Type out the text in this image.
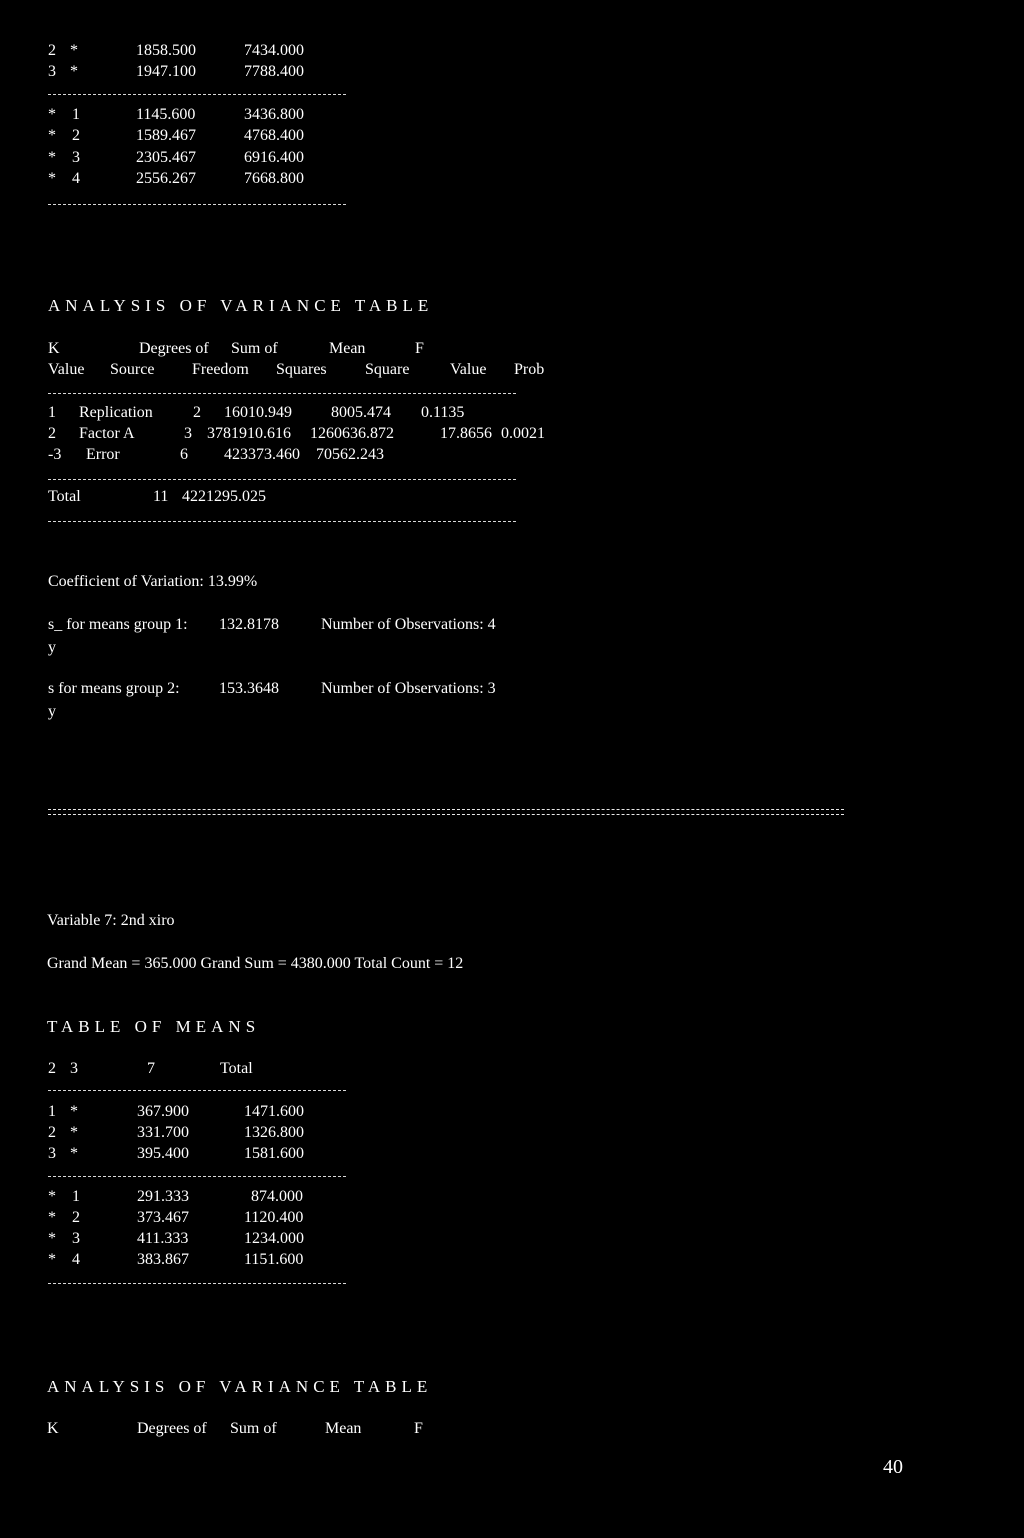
2 *	1858.500	7434.000
3 *	1947.100	7788.400
* 1	1145.600	3436.800
* 2	1589.467	4768.400
* 3	2305.467	6916.400
* 4	2556.267	7668.800
ANALYSIS OF VARIANCE TABLE
K	Degrees of Sum of	Mean	F
Value Source Freedom Squares Square	Value Prob
1 Replication	2 16010.949 8005.474 0.1135
2 Factor A	3 3781910.616 1260636.872	17.8656 0.0021
-3 Error	6 423373.460 70562.243
Total	11 4221295.025
Coefficient of Variation: 13.99%
s_ for means group 1: 132.8178	Number of Observations: 4
y
s for means group 2: 153.3648	Number of Observations: 3
y
Variable 7: 2nd xiro
Grand Mean = 365.000 Grand Sum = 4380.000 Total Count = 12
TABLE OF MEANS
2 3	7	Total
1 *	367.900	1471.600
2 *	331.700	1326.800
3 *	395.400	1581.600
* 1	291.333	874.000
* 2	373.467	1120.400
* 3	411.333	1234.000
* 4	383.867	1151.600
ANALYSIS OF VARIANCE TABLE
K	Degrees of Sum of	Mean	F
40
